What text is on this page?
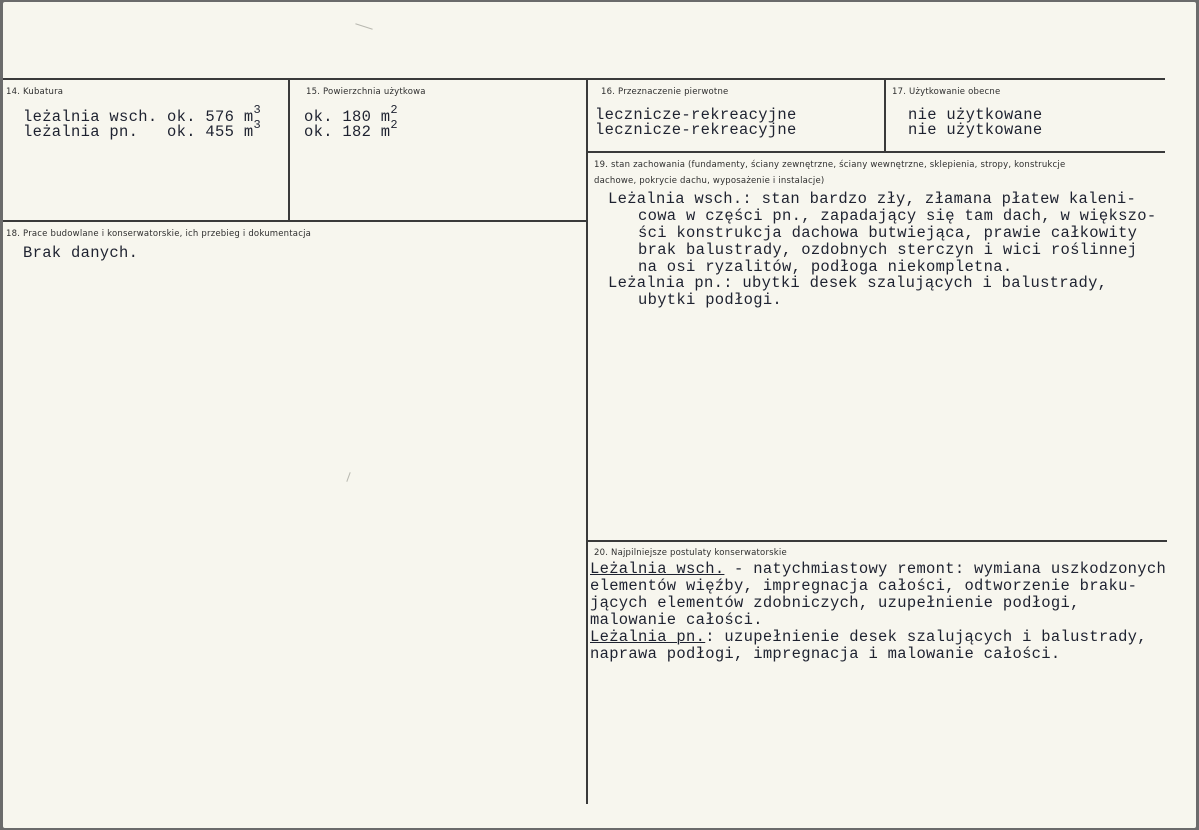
14. Kubatura
leżalnia wsch. ok. 576 $m^3$
leżalnia pn. ok. 455 $m^3$
15. Powierzchnia użytkowa
ok. 180 $m^2$
ok. 182 $m^2$
16. Przeznaczenie pierwotne
lecznicze-rekreacyjne
lecznicze-rekreacyjne
17. Użytkowanie obecne
nie użytkowane
nie użytkowane
18. Prace budowlane i konserwatorskie, ich przebieg i dokumentacja
Brak danych.
19. stan zachowania (fundamenty, ściany zewnętrzne, ściany wewnętrzne, sklepienia, stropy, konstrukcje dachowe, pokrycie dachu, wyposażenie i instalacje)
Leżalnia wsch.: stan bardzo zły, złamana płatew kaleni-
cowa w części pn., zapadający się tam dach, w większo-
ści konstrukcja dachowa butwiejąca, prawie całkowity
brak balustrady, ozdobnych sterczyn i wici roślinnej
na osi ryzalitów, podłoga niekompletna.
Leżalnia pn.: ubytki desek szalujących i balustrady,
ubytki podłogi.
20. Najpilniejsze postulaty konserwatorskie
Leżalnia wsch. - natychmiastowy remont: wymiana uszkodzonych
elementów więźby, impregnacja całości, odtworzenie braku-
jących elementów zdobniczych, uzupełnienie podłogi,
malowanie całości.
Leżalnia pn.: uzupełnienie desek szalujących i balustrady,
naprawa podłogi, impregnacja i malowanie całości.
